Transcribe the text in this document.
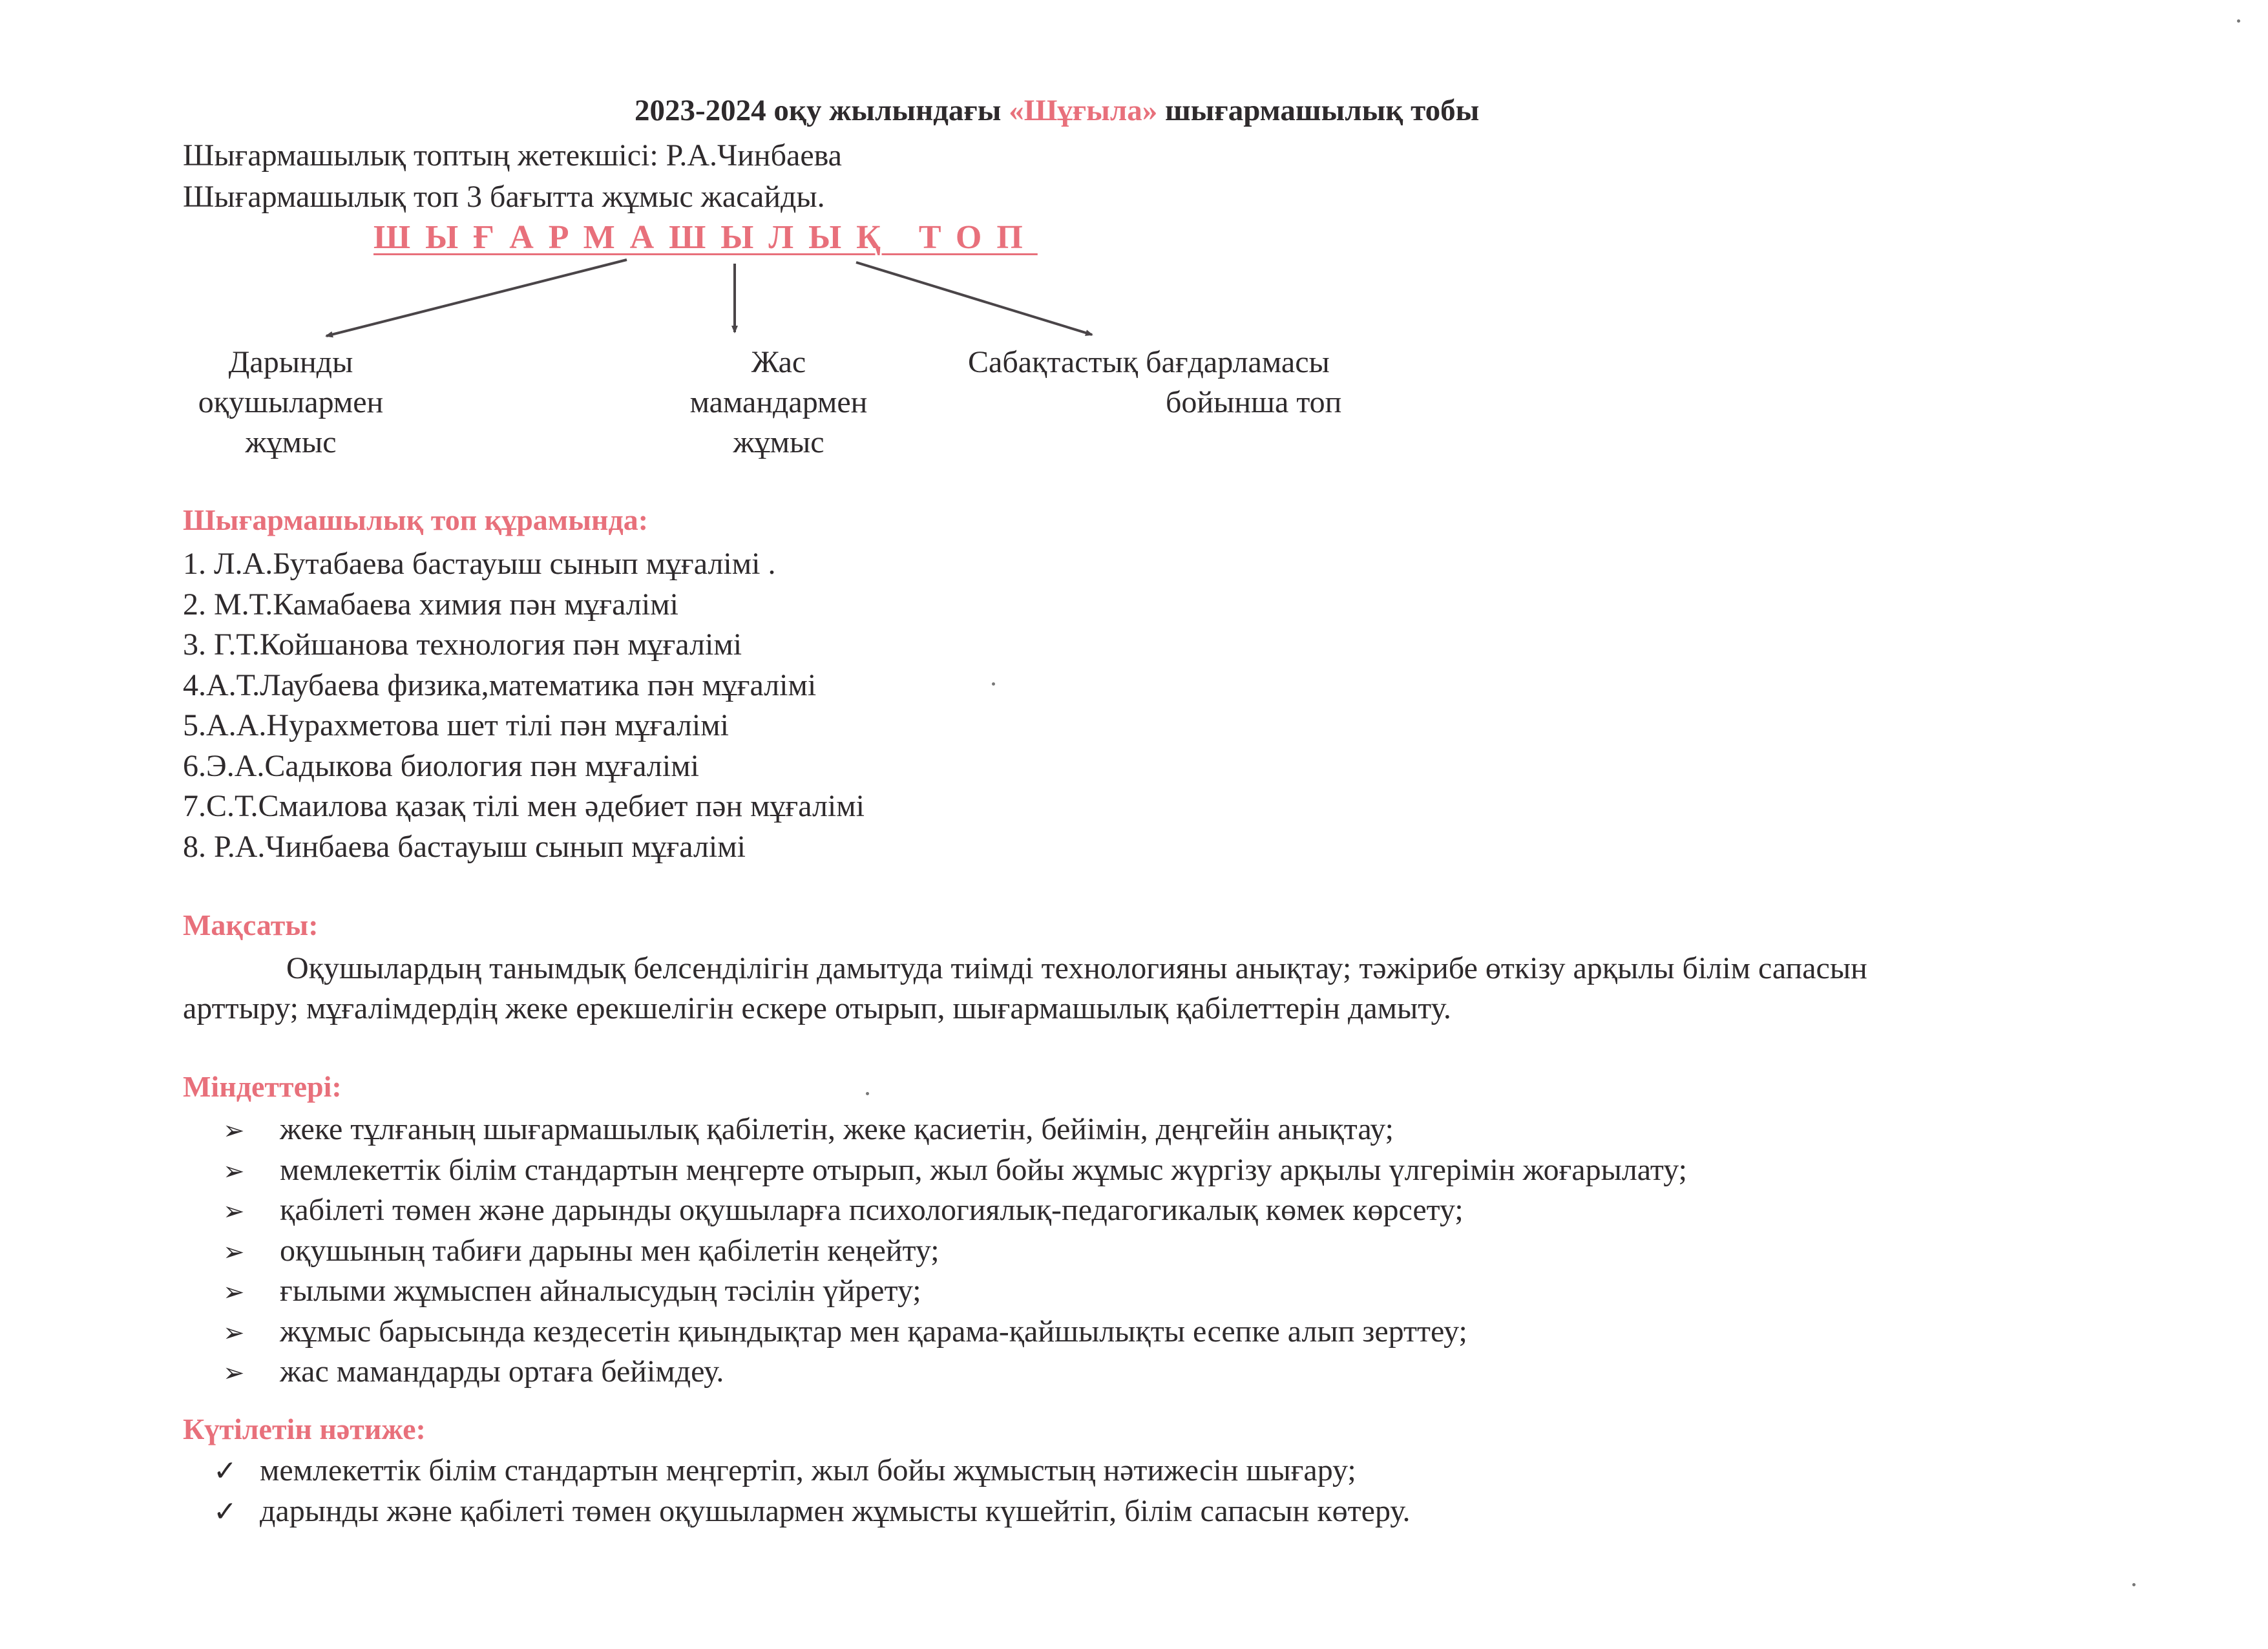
2023-2024 оқу жылындағы «Шұғыла» шығармашылық тобы
Шығармашылық топтың жетекшісі: Р.А.Чинбаева
Шығармашылық топ 3 бағытта жұмыс жасайды.
ШЫҒАРМАШЫЛЫҚ ТОП
Дарынды
оқушылармен
жұмыс
Жас
мамандармен
жұмыс
Сабақтастық бағдарламасы
бойынша топ
Шығармашылық топ құрамында:
1. Л.А.Бутабаева бастауыш сынып мұғалімі .
2. М.Т.Камабаева химия пән мұғалімі
3. Г.Т.Койшанова технология пән мұғалімі
4.А.Т.Лаубаева физика,математика пән мұғалімі
5.А.А.Нурахметова шет тілі пән мұғалімі
6.Э.А.Садыкова биология пән мұғалімі
7.С.Т.Смаилова қазақ тілі мен әдебиет пән мұғалімі
8. Р.А.Чинбаева бастауыш сынып мұғалімі
Мақсаты:
Оқушылардың танымдық белсенділігін дамытуда тиімді технологияны анықтау; тәжірибе өткізу арқылы білім сапасын
арттыру; мұғалімдердің жеке ерекшелігін ескере отырып, шығармашылық қабілеттерін дамыту.
Міндеттері:
➢ жеке тұлғаның шығармашылық қабілетін, жеке қасиетін, бейімін, деңгейін анықтау;
➢ мемлекеттік білім стандартын меңгерте отырып, жыл бойы жұмыс жүргізу арқылы үлгерімін жоғарылату;
➢ қабілеті төмен және дарынды оқушыларға психологиялық-педагогикалық көмек көрсету;
➢ оқушының табиғи дарыны мен қабілетін кеңейту;
➢ ғылыми жұмыспен айналысудың тәсілін үйрету;
➢ жұмыс барысында кездесетін қиындықтар мен қарама-қайшылықты есепке алып зерттеу;
➢ жас мамандарды ортаға бейімдеу.
Күтілетін нәтиже:
✓ мемлекеттік білім стандартын меңгертіп, жыл бойы жұмыстың нәтижесін шығару;
✓ дарынды және қабілеті төмен оқушылармен жұмысты күшейтіп, білім сапасын көтеру.
